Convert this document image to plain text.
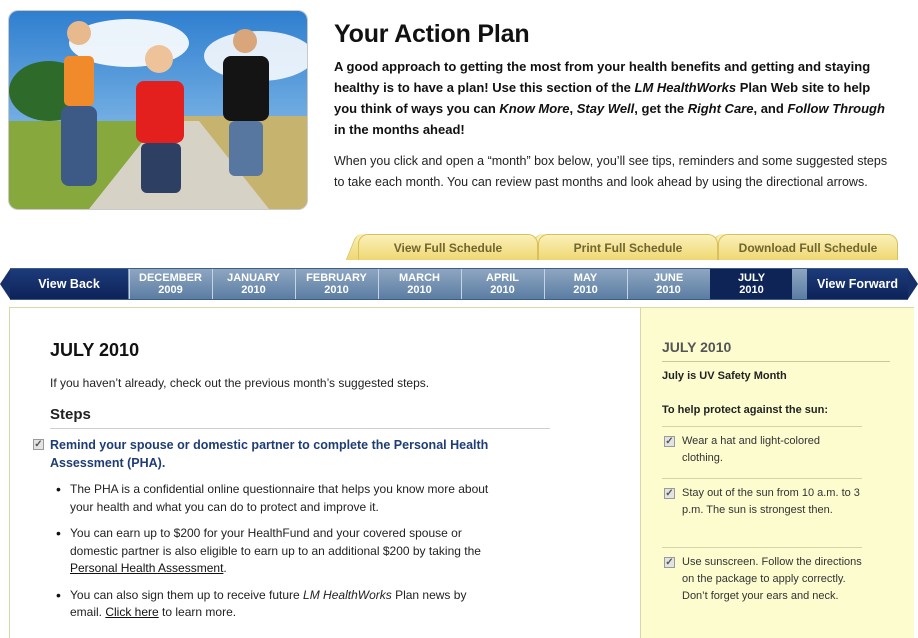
Your Action Plan

A good approach to getting the most from your health benefits and getting and staying healthy is to have a plan! Use this section of the LM HealthWorks Plan Web site to help you think of ways you can Know More, Stay Well, get the Right Care, and Follow Through in the months ahead!

When you click and open a “month” box below, you’ll see tips, reminders and some suggested steps to take each month. You can review past months and look ahead by using the directional arrows.

View Full Schedule	Print Full Schedule	Download Full Schedule
View Back	DECEMBER
2009
JANUARY
2010
FEBRUARY
2010
MARCH
2010
APRIL
2010
MAY
2010
JUNE
2010
JULY
2010	View Forward
JULY 2010

If you haven’t already, check out the previous month’s suggested steps.

Steps
✓ Remind your spouse or domestic partner to complete the Personal Health Assessment (PHA).
• The PHA is a confidential online questionnaire that helps you know more about your health and what you can do to protect and improve it.
• You can earn up to $200 for your HealthFund and your covered spouse or domestic partner is also eligible to earn up to an additional $200 by taking the Personal Health Assessment.
• You can also sign them up to receive future LM HealthWorks Plan news by email. Click here to learn more.
JULY 2010
July is UV Safety Month
To help protect against the sun:
✓ Wear a hat and light-colored clothing.
✓ Stay out of the sun from 10 a.m. to 3 p.m. The sun is strongest then.
✓ Use sunscreen. Follow the directions on the package to apply correctly. Don’t forget your ears and neck.
